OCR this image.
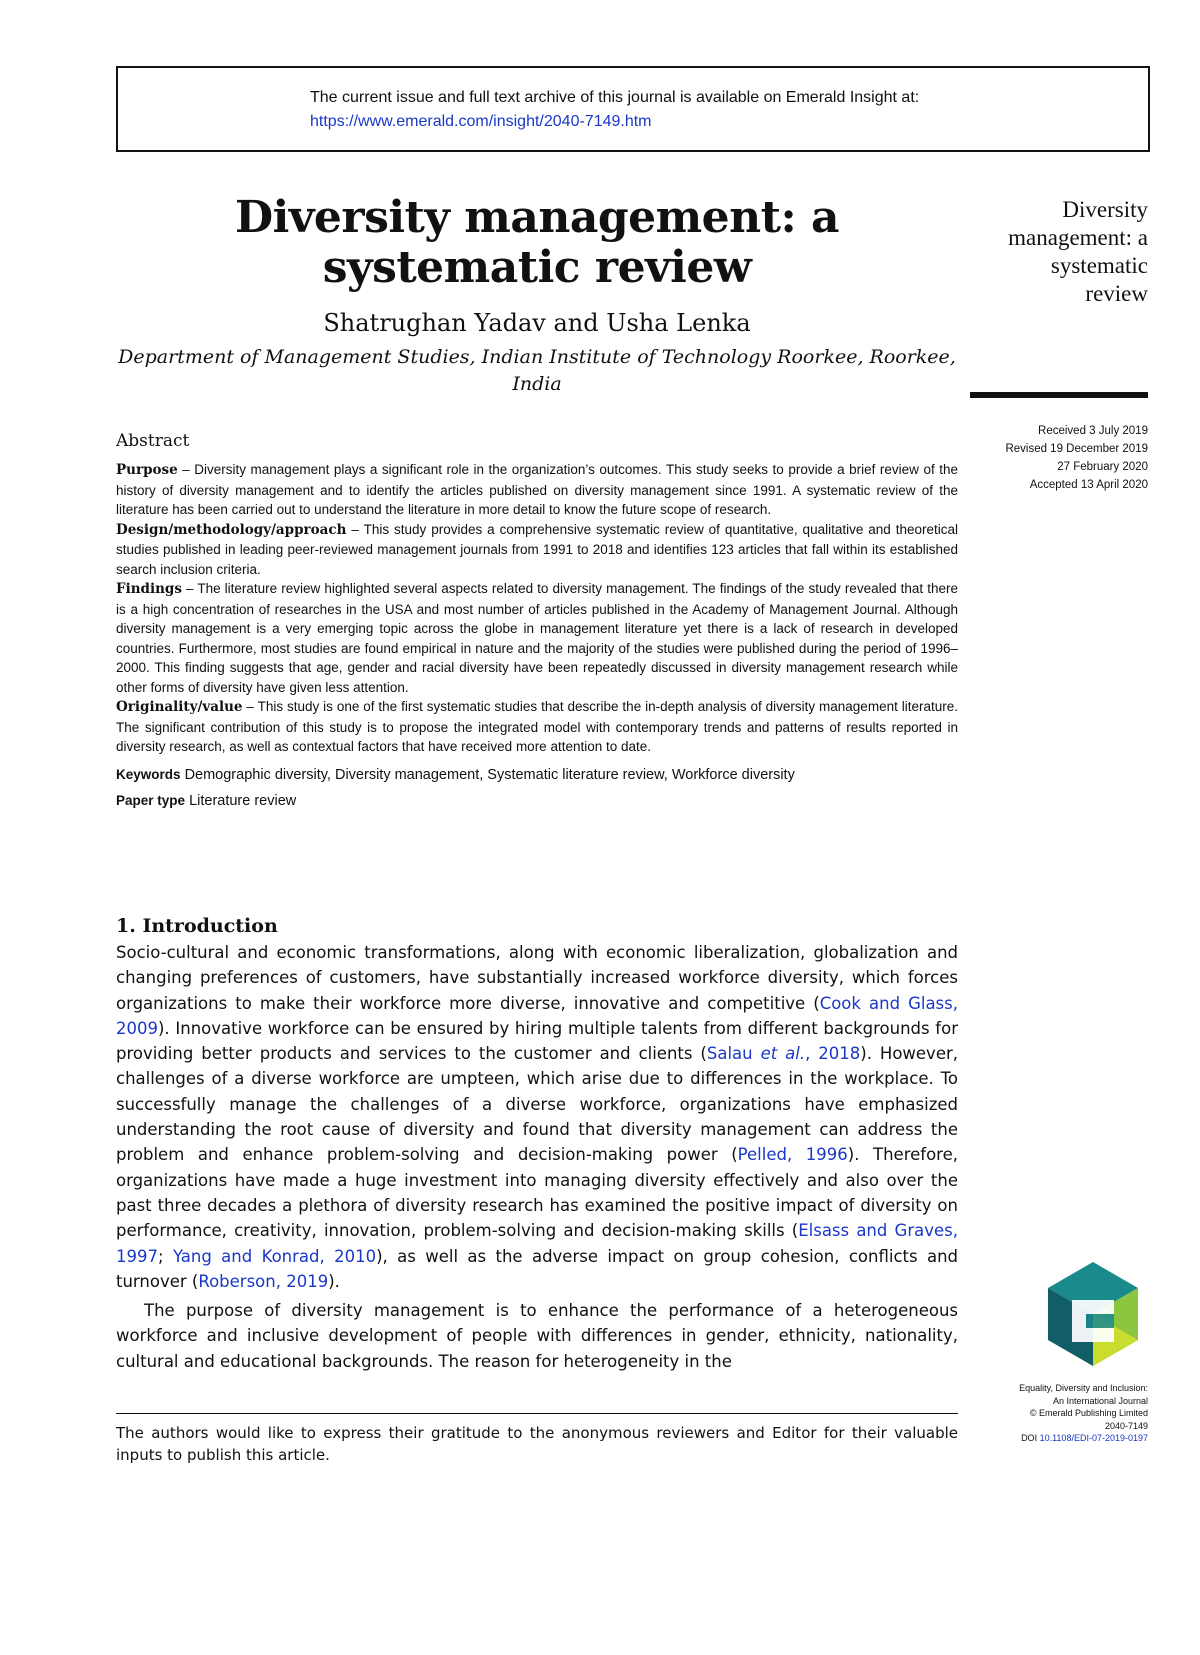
The current issue and full text archive of this journal is available on Emerald Insight at:
https://www.emerald.com/insight/2040-7149.htm
Diversity management: a systematic review
Shatrughan Yadav and Usha Lenka
Department of Management Studies, Indian Institute of Technology Roorkee, Roorkee, India
Diversity
management: a
systematic
review
Received 3 July 2019
Revised 19 December 2019
27 February 2020
Accepted 13 April 2020
Abstract

Purpose – Diversity management plays a significant role in the organization’s outcomes. This study seeks to provide a brief review of the history of diversity management and to identify the articles published on diversity management since 1991. A systematic review of the literature has been carried out to understand the literature in more detail to know the future scope of research.

Design/methodology/approach – This study provides a comprehensive systematic review of quantitative, qualitative and theoretical studies published in leading peer-reviewed management journals from 1991 to 2018 and identifies 123 articles that fall within its established search inclusion criteria.

Findings – The literature review highlighted several aspects related to diversity management. The findings of the study revealed that there is a high concentration of researches in the USA and most number of articles published in the Academy of Management Journal. Although diversity management is a very emerging topic across the globe in management literature yet there is a lack of research in developed countries. Furthermore, most studies are found empirical in nature and the majority of the studies were published during the period of 1996–2000. This finding suggests that age, gender and racial diversity have been repeatedly discussed in diversity management research while other forms of diversity have given less attention.

Originality/value – This study is one of the first systematic studies that describe the in-depth analysis of diversity management literature. The significant contribution of this study is to propose the integrated model with contemporary trends and patterns of results reported in diversity research, as well as contextual factors that have received more attention to date.

Keywords Demographic diversity, Diversity management, Systematic literature review, Workforce diversity

Paper type Literature review

1. Introduction

Socio-cultural and economic transformations, along with economic liberalization, globalization and changing preferences of customers, have substantially increased workforce diversity, which forces organizations to make their workforce more diverse, innovative and competitive (Cook and Glass, 2009). Innovative workforce can be ensured by hiring multiple talents from different backgrounds for providing better products and services to the customer and clients (Salau et al., 2018). However, challenges of a diverse workforce are umpteen, which arise due to differences in the workplace. To successfully manage the challenges of a diverse workforce, organizations have emphasized understanding the root cause of diversity and found that diversity management can address the problem and enhance problem-solving and decision-making power (Pelled, 1996). Therefore, organizations have made a huge investment into managing diversity effectively and also over the past three decades a plethora of diversity research has examined the positive impact of diversity on performance, creativity, innovation, problem-solving and decision-making skills (Elsass and Graves, 1997; Yang and Konrad, 2010), as well as the adverse impact on group cohesion, conflicts and turnover (Roberson, 2019).

The purpose of diversity management is to enhance the performance of a heterogeneous workforce and inclusive development of people with differences in gender, ethnicity, nationality, cultural and educational backgrounds. The reason for heterogeneity in the

The authors would like to express their gratitude to the anonymous reviewers and Editor for their valuable inputs to publish this article.
Equality, Diversity and Inclusion:
An International Journal
© Emerald Publishing Limited
2040-7149
DOI 10.1108/EDI-07-2019-0197
